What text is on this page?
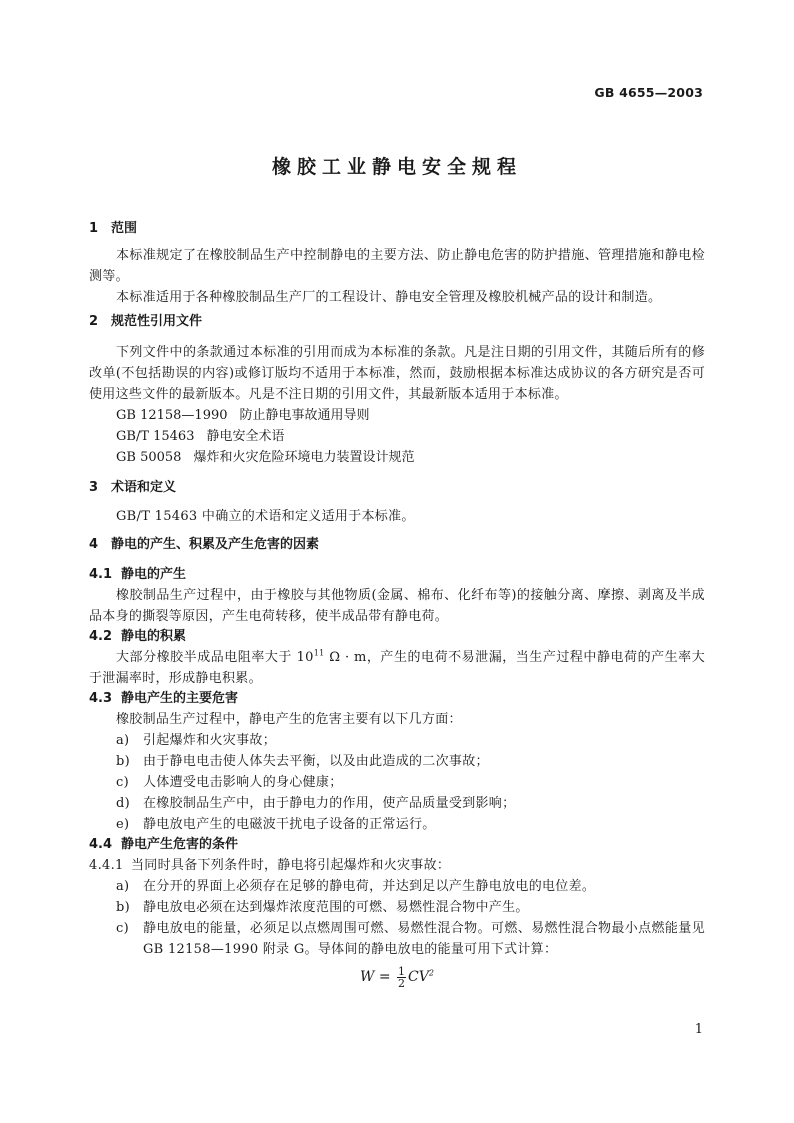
GB 4655—2003
橡胶工业静电安全规程
1 范围
本标准规定了在橡胶制品生产中控制静电的主要方法、防止静电危害的防护措施、管理措施和静电检测等。
本标准适用于各种橡胶制品生产厂的工程设计、静电安全管理及橡胶机械产品的设计和制造。
2 规范性引用文件
下列文件中的条款通过本标准的引用而成为本标准的条款。凡是注日期的引用文件，其随后所有的修改单(不包括勘误的内容)或修订版均不适用于本标准，然而，鼓励根据本标准达成协议的各方研究是否可使用这些文件的最新版本。凡是不注日期的引用文件，其最新版本适用于本标准。
GB 12158—1990 防止静电事故通用导则
GB/T 15463 静电安全术语
GB 50058 爆炸和火灾危险环境电力装置设计规范
3 术语和定义
GB/T 15463 中确立的术语和定义适用于本标准。
4 静电的产生、积累及产生危害的因素
4.1 静电的产生
橡胶制品生产过程中，由于橡胶与其他物质(金属、棉布、化纤布等)的接触分离、摩擦、剥离及半成品本身的撕裂等原因，产生电荷转移，使半成品带有静电荷。
4.2 静电的积累
大部分橡胶半成品电阻率大于 $10^{11}$ Ω · m，产生的电荷不易泄漏，当生产过程中静电荷的产生率大于泄漏率时，形成静电积累。
4.3 静电产生的主要危害
橡胶制品生产过程中，静电产生的危害主要有以下几方面：
a) 引起爆炸和火灾事故；
b) 由于静电电击使人体失去平衡，以及由此造成的二次事故；
c) 人体遭受电击影响人的身心健康；
d) 在橡胶制品生产中，由于静电力的作用，使产品质量受到影响；
e) 静电放电产生的电磁波干扰电子设备的正常运行。
4.4 静电产生危害的条件
4.4.1 当同时具备下列条件时，静电将引起爆炸和火灾事故：
a) 在分开的界面上必须存在足够的静电荷，并达到足以产生静电放电的电位差。
b) 静电放电必须在达到爆炸浓度范围的可燃、易燃性混合物中产生。
c) 静电放电的能量，必须足以点燃周围可燃、易燃性混合物。可燃、易燃性混合物最小点燃能量见 GB 12158—1990 附录 G。导体间的静电放电的能量可用下式计算：
$W = \frac{1}{2} CV^2$
1
